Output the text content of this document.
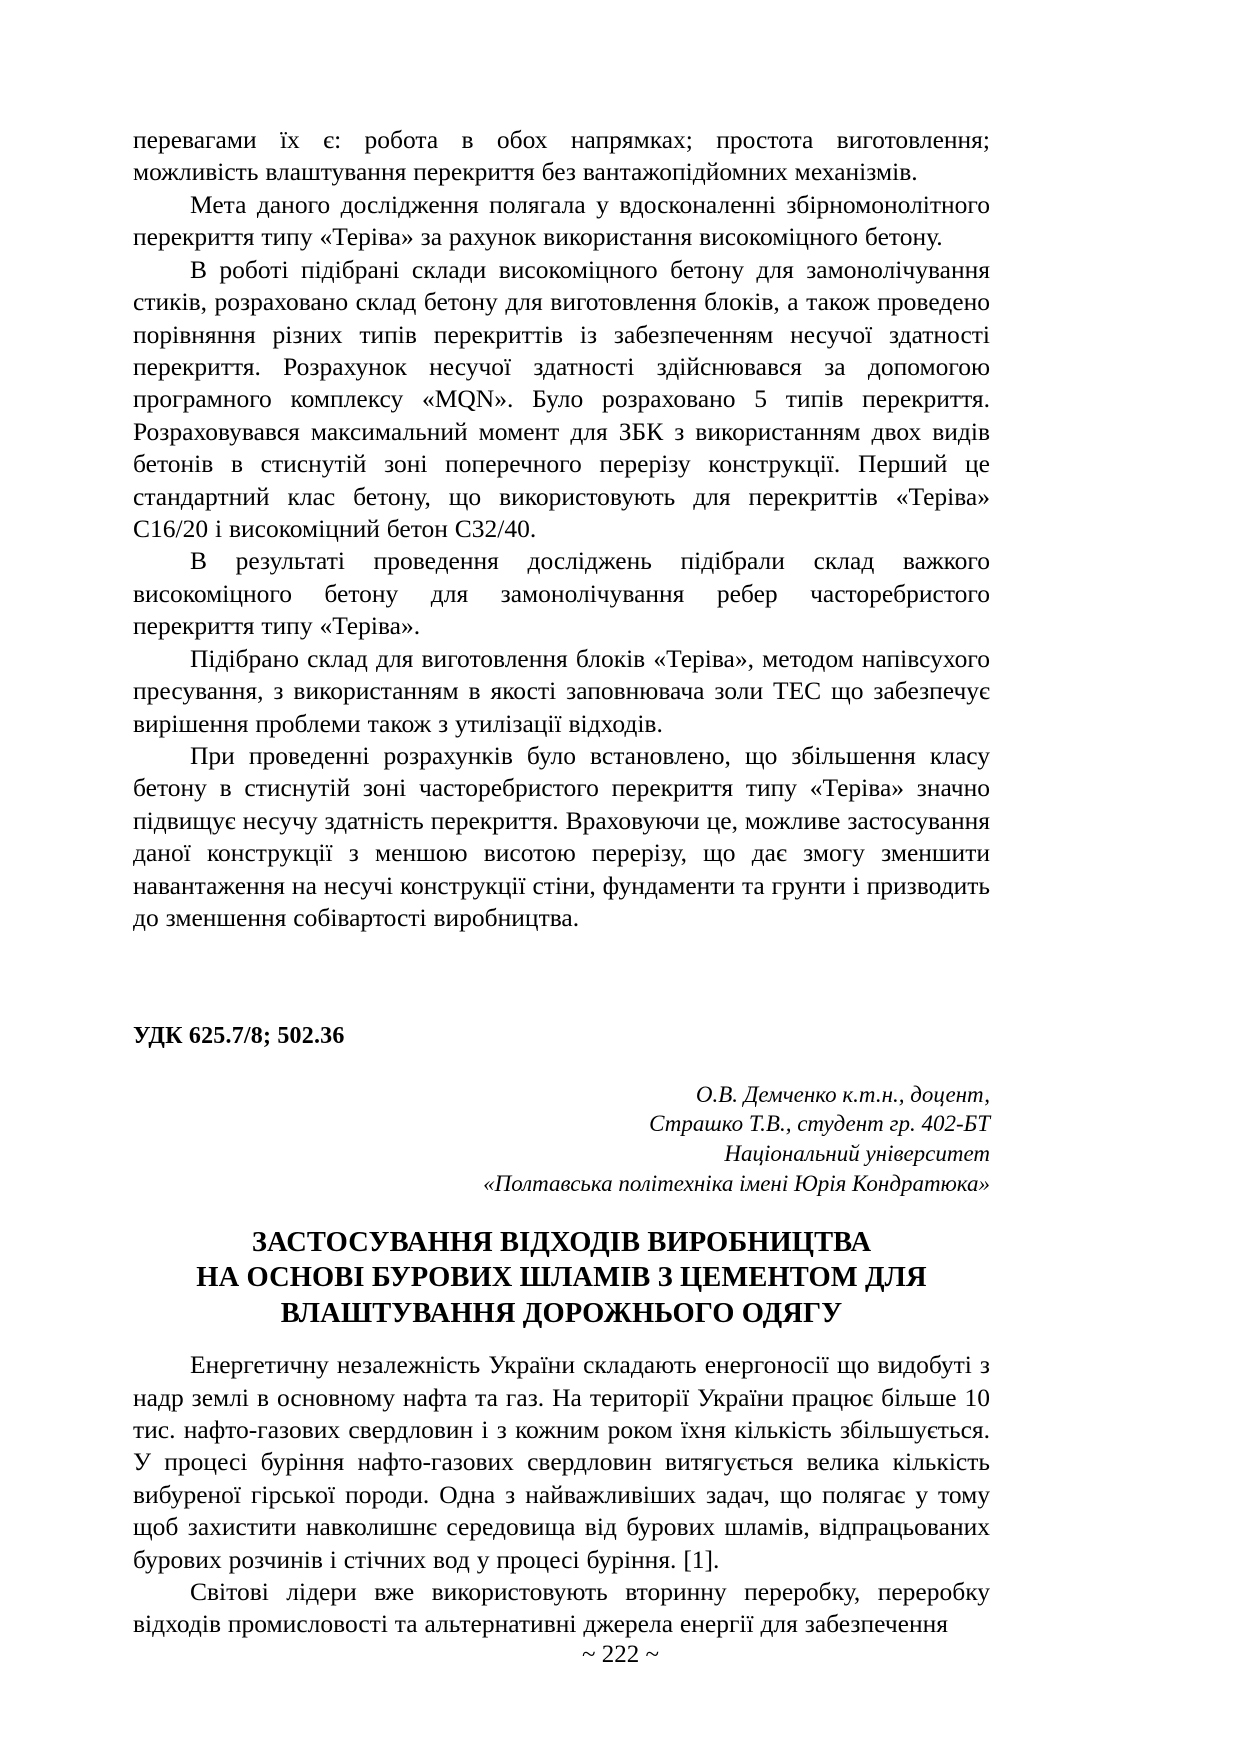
перевагами їх є: робота в обох напрямках; простота виготовлення; можливість влаштування перекриття без вантажопідйомних механізмів.

Мета даного дослідження полягала у вдосконаленні збірномонолітного перекриття типу «Теріва» за рахунок використання високоміцного бетону.

В роботі підібрані склади високоміцного бетону для замонолічування стиків, розраховано склад бетону для виготовлення блоків, а також проведено порівняння різних типів перекриттів із забезпеченням несучої здатності перекриття. Розрахунок несучої здатності здійснювався за допомогою програмного комплексу «MQN». Було розраховано 5 типів перекриття. Розраховувався максимальний момент для ЗБК з використанням двох видів бетонів в стиснутій зоні поперечного перерізу конструкції. Перший це стандартний клас бетону, що використовують для перекриттів «Теріва» С16/20 і високоміцний бетон С32/40.

В результаті проведення досліджень підібрали склад важкого високоміцного бетону для замонолічування ребер часторебристого перекриття типу «Теріва».

Підібрано склад для виготовлення блоків «Теріва», методом напівсухого пресування, з використанням в якості заповнювача золи ТЕС що забезпечує вирішення проблеми також з утилізації відходів.

При проведенні розрахунків було встановлено, що збільшення класу бетону в стиснутій зоні часторебристого перекриття типу «Теріва» значно підвищує несучу здатність перекриття. Враховуючи це, можливе застосування даної конструкції з меншою висотою перерізу, що дає змогу зменшити навантаження на несучі конструкції стіни, фундаменти та грунти і призводить до зменшення собівартості виробництва.

УДК 625.7/8; 502.36

О.В. Демченко к.т.н., доцент,
Страшко Т.В., студент гр. 402-БТ
Національний університет
«Полтавська політехніка імені Юрія Кондратюка»
ЗАСТОСУВАННЯ ВІДХОДІВ ВИРОБНИЦТВА
НА ОСНОВІ БУРОВИХ ШЛАМІВ З ЦЕМЕНТОМ ДЛЯ
ВЛАШТУВАННЯ ДОРОЖНЬОГО ОДЯГУ

Енергетичну незалежність України складають енергоносії що видобуті з надр землі в основному нафта та газ. На території України працює більше 10 тис. нафто-газових свердловин і з кожним роком їхня кількість збільшується. У процесі буріння нафто-газових свердловин витягується велика кількість вибуреної гірської породи. Одна з найважливіших задач, що полягає у тому щоб захистити навколишнє середовища від бурових шламів, відпрацьованих бурових розчинів і стічних вод у процесі буріння. [1].

Світові лідери вже використовують вторинну переробку, переробку відходів промисловості та альтернативні джерела енергії для забезпечення

~ 222 ~
